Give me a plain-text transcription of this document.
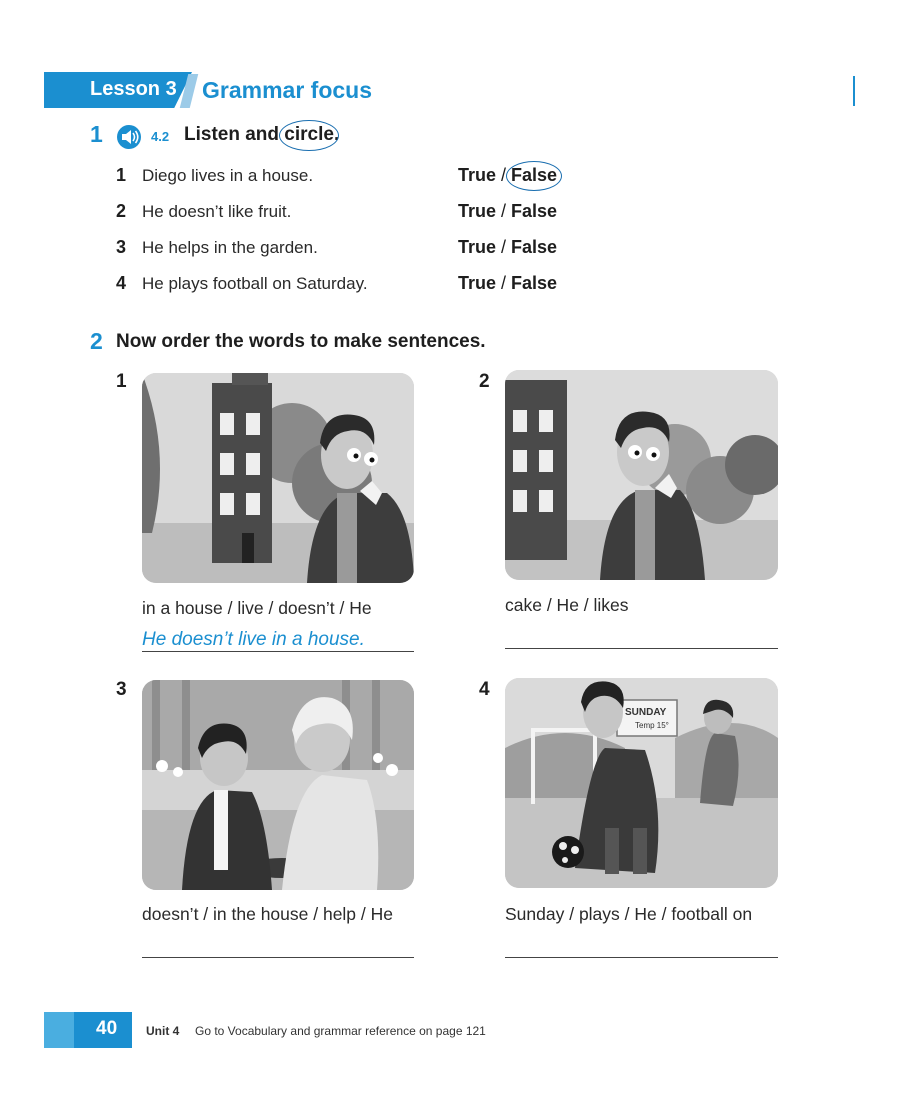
Lesson 3 Grammar focus
1	4.2 Listen and circle.
1 Diego lives in a house.	True / False
2 He doesn’t like fruit.	True / False
3 He helps in the garden.	True / False
4 He plays football on Saturday.	True / False
2 Now order the words to make sentences.
1
in a house / live / doesn’t / He
He doesn’t live in a house.
2
cake / He / likes
3
doesn’t / in the house / help / He
4
SUNDAY
Temp 15°
Sunday / plays / He / football on
40 Unit 4 Go to Vocabulary and grammar reference on page 121
